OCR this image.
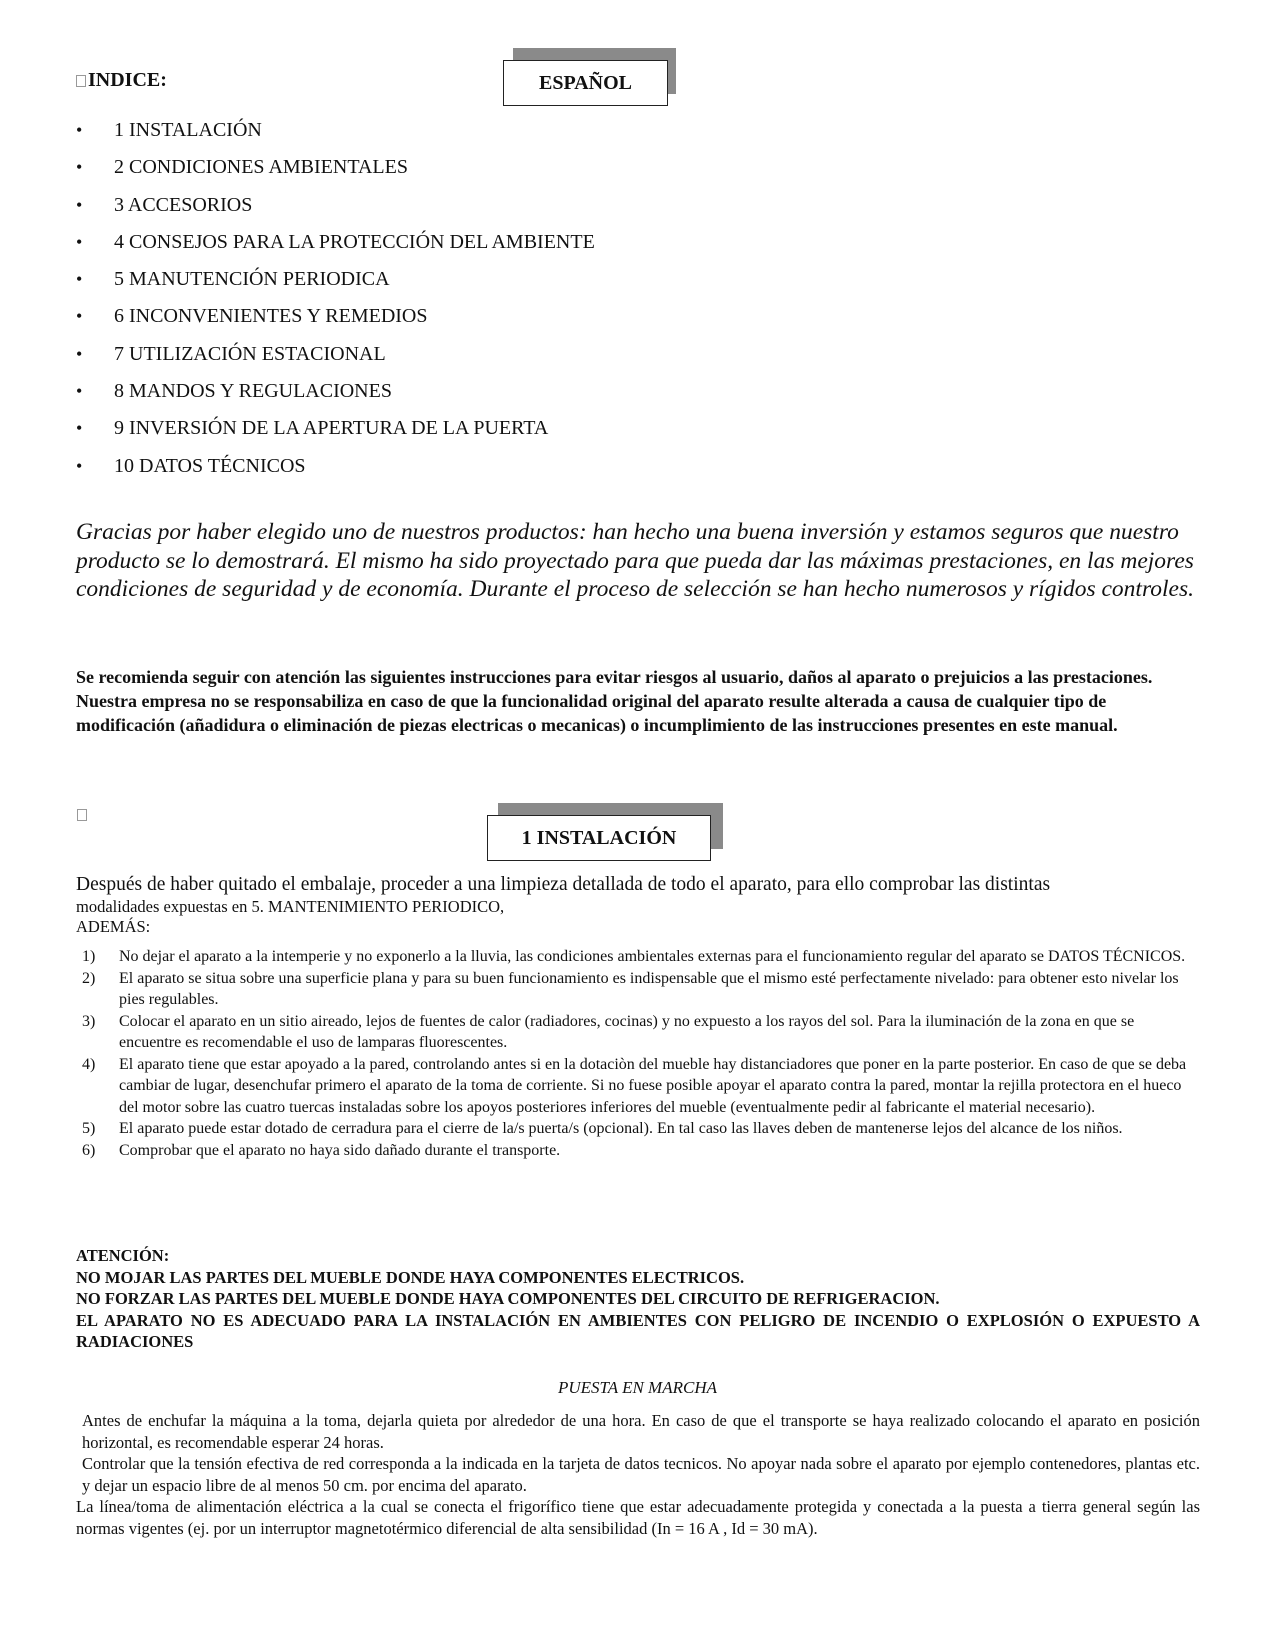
INDICE:	ESPAÑOL
•	1 INSTALACIÓN
•	2 CONDICIONES AMBIENTALES
•	3 ACCESORIOS
•	4 CONSEJOS PARA LA PROTECCIÓN DEL AMBIENTE
•	5 MANUTENCIÓN PERIODICA
•	6 INCONVENIENTES Y REMEDIOS
•	7 UTILIZACIÓN ESTACIONAL
•	8 MANDOS Y REGULACIONES
•	9 INVERSIÓN DE LA APERTURA DE LA PUERTA
•	10 DATOS TÉCNICOS

Gracias por haber elegido uno de nuestros productos: han hecho una buena inversión y estamos seguros que nuestro producto se lo demostrará. El mismo ha sido proyectado para que pueda dar las máximas prestaciones, en las mejores condiciones de seguridad y de economía. Durante el proceso de selección se han hecho numerosos y rígidos controles.

Se recomienda seguir con atención las siguientes instrucciones para evitar riesgos al usuario, daños al aparato o prejuicios a las prestaciones.
Nuestra empresa no se responsabiliza en caso de que la funcionalidad original del aparato resulte alterada a causa de cualquier tipo de modificación (añadidura o eliminación de piezas electricas o mecanicas) o incumplimiento de las instrucciones presentes en este manual.
1 INSTALACIÓN

Después de haber quitado el embalaje, proceder a una limpieza detallada de todo el aparato, para ello comprobar las distintas

modalidades expuestas en 5. MANTENIMIENTO PERIODICO,

ADEMÁS:

1)	No dejar el aparato a la intemperie y no exponerlo a la lluvia, las condiciones ambientales externas para el funcionamiento regular del aparato se DATOS TÉCNICOS.
2)	El aparato se situa sobre una superficie plana y para su buen funcionamiento es indispensable que el mismo esté perfectamente nivelado: para obtener esto nivelar los pies regulables.
3)	Colocar el aparato en un sitio aireado, lejos de fuentes de calor (radiadores, cocinas) y no expuesto a los rayos del sol. Para la iluminación de la zona en que se encuentre es recomendable el uso de lamparas fluorescentes.
4)	El aparato tiene que estar apoyado a la pared, controlando antes si en la dotaciòn del mueble hay distanciadores que poner en la parte posterior. En caso de que se deba cambiar de lugar, desenchufar primero el aparato de la toma de corriente. Si no fuese posible apoyar el aparato contra la pared, montar la rejilla protectora en el hueco del motor sobre las cuatro tuercas instaladas sobre los apoyos posteriores inferiores del mueble (eventualmente pedir al fabricante el material necesario).
5)	El aparato puede estar dotado de cerradura para el cierre de la/s puerta/s (opcional). En tal caso las llaves deben de mantenerse lejos del alcance de los niños.
6)	Comprobar que el aparato no haya sido dañado durante el transporte.
ATENCIÓN:
NO MOJAR LAS PARTES DEL MUEBLE DONDE HAYA COMPONENTES ELECTRICOS.
NO FORZAR LAS PARTES DEL MUEBLE DONDE HAYA COMPONENTES DEL CIRCUITO DE REFRIGERACION.
EL APARATO NO ES ADECUADO PARA LA INSTALACIÓN EN AMBIENTES CON PELIGRO DE INCENDIO O EXPLOSIÓN O EXPUESTO A RADIACIONES

PUESTA EN MARCHA

Antes de enchufar la máquina a la toma, dejarla quieta por alrededor de una hora. En caso de que el transporte se haya realizado colocando el aparato en posición horizontal, es recomendable esperar 24 horas.

Controlar que la tensión efectiva de red corresponda a la indicada en la tarjeta de datos tecnicos. No apoyar nada sobre el aparato por ejemplo contenedores, plantas etc. y dejar un espacio libre de al menos 50 cm. por encima del aparato.

La línea/toma de alimentación eléctrica a la cual se conecta el frigorífico tiene que estar adecuadamente protegida y conectada a la puesta a tierra general según las normas vigentes (ej. por un interruptor magnetotérmico diferencial de alta sensibilidad (In = 16 A , Id = 30 mA).
